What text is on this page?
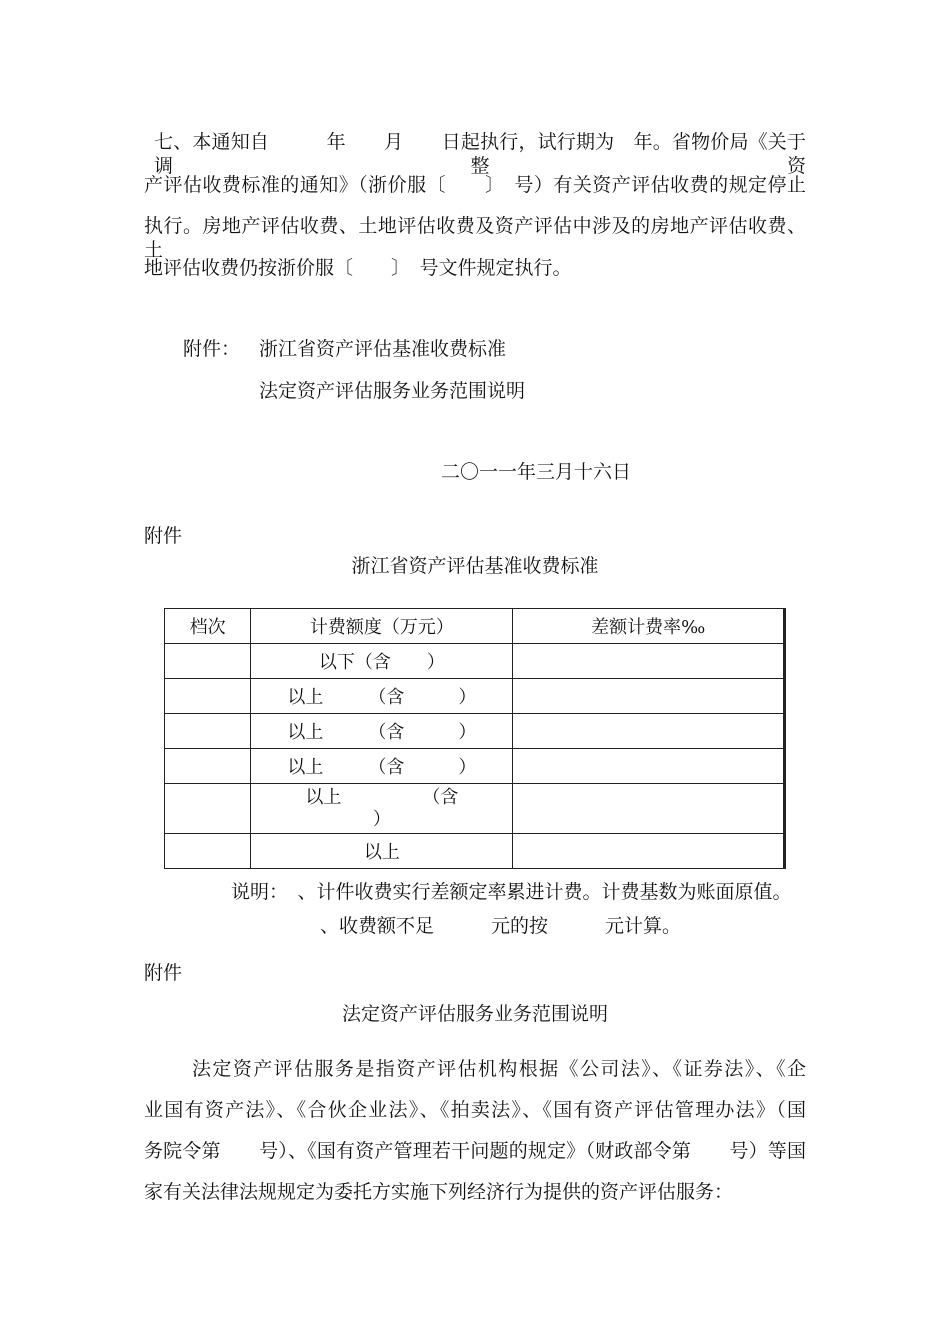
七、本通知自　　　年　　月　　日起执行，试行期为　年。省物价局《关于调整资
产评估收费标准的通知》（浙价服〔　　〕　号）有关资产评估收费的规定停止
执行。房地产评估收费、土地评估收费及资产评估中涉及的房地产评估收费、土
地评估收费仍按浙价服〔　　〕　号文件规定执行。
附件： 浙江省资产评估基准收费标准
法定资产评估服务业务范围说明
二〇一一年三月十六日
附件
浙江省资产评估基准收费标准
档次	计费额度（万元）	差额计费率‰
	以下（含　　）	
	以上　　　（含　　　）	
	以上　　　（含　　　）	
	以上　　　（含　　　）	
	以上　　　　　（含
）	
	以上	
说明：　、计件收费实行差额定率累进计费。计费基数为账面原值。
、收费额不足　　　元的按　　　元计算。
附件
法定资产评估服务业务范围说明
法定资产评估服务是指资产评估机构根据《公司法》、《证券法》、《企
业国有资产法》、《合伙企业法》、《拍卖法》、《国有资产评估管理办法》（国
务院令第　　号）、《国有资产管理若干问题的规定》（财政部令第　　号）等国
家有关法律法规规定为委托方实施下列经济行为提供的资产评估服务：
